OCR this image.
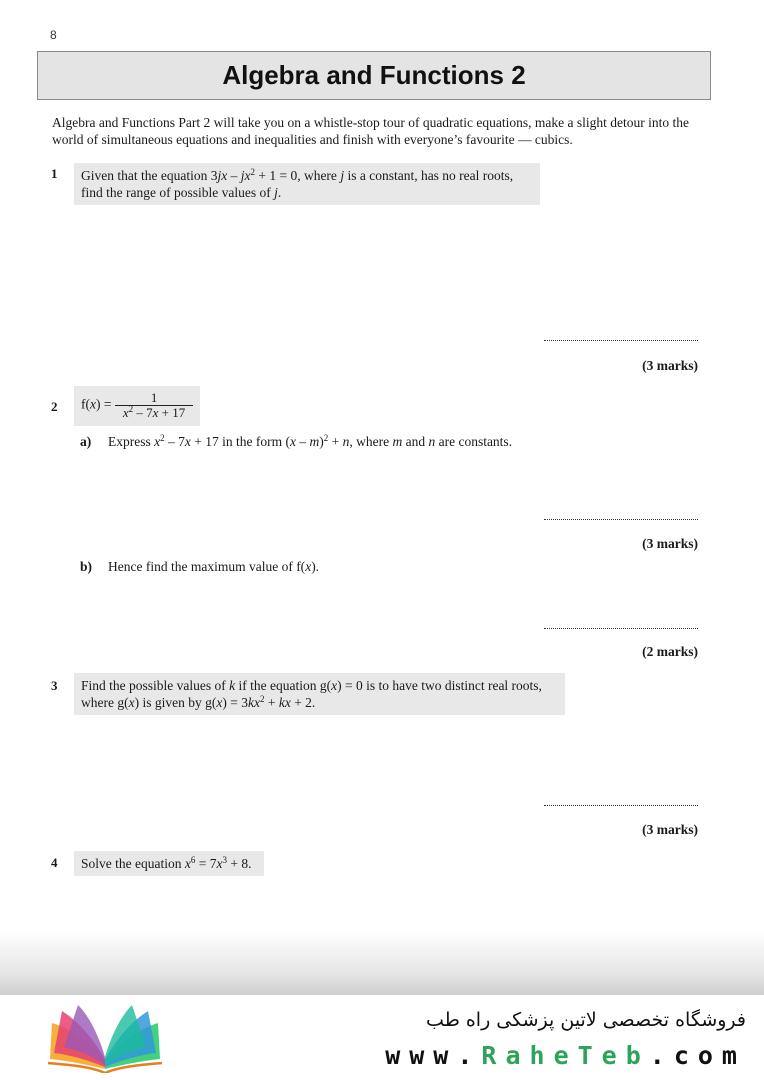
8
Algebra and Functions 2
Algebra and Functions Part 2 will take you on a whistle-stop tour of quadratic equations, make a slight detour into the world of simultaneous equations and inequalities and finish with everyone’s favourite — cubics.
1	Given that the equation $3jx - jx^2 + 1 = 0$, where j is a constant, has no real roots,
find the range of possible values of j.
(3 marks)
2	$f(x) = \frac{1}{x^2 - 7x + 17}$
a) Express $x^2 - 7x + 17$ in the form (x – m)$^2$ + n, where m and n are constants.
(3 marks)
b) Hence find the maximum value of f(x).
(2 marks)
3	Find the possible values of k if the equation g(x) = 0 is to have two distinct real roots,
where g(x) is given by $g(x) = 3kx^2$ + kx + 2.
(3 marks)
4	Solve the equation $x^6 = 7x^3 + 8$.
فروشگاه تخصصی لاتین پزشکی راه طب
www.RaheTeb.com
